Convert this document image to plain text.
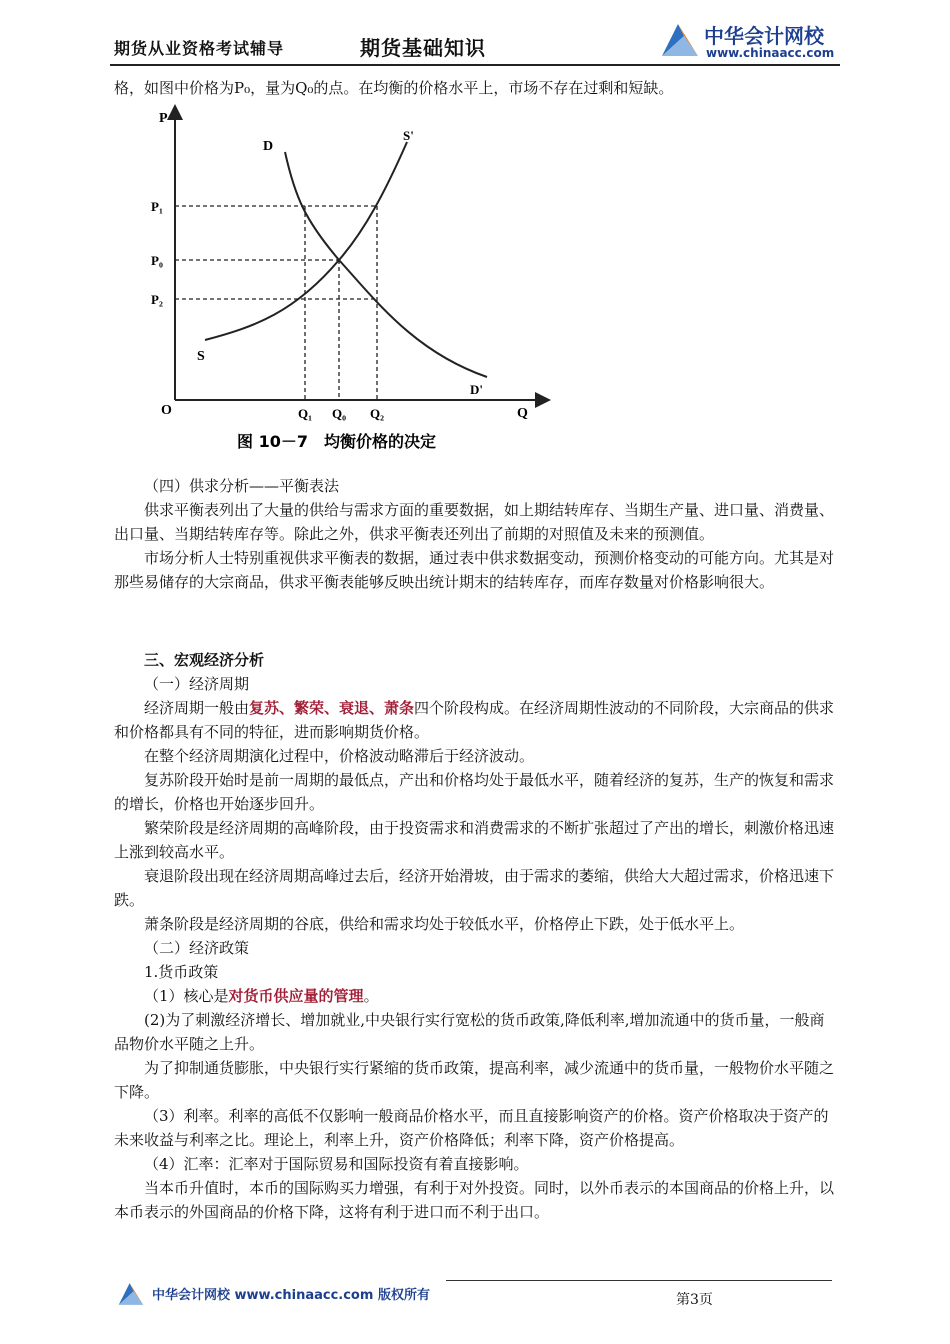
期货从业资格考试辅导	期货基础知识	中华会计网校
www.chinaacc.com

格，如图中价格为P₀，量为Q₀的点。在均衡的价格水平上，市场不存在过剩和短缺。

P
Q
O
P₁
P₀
P₂
Q₁ Q₀ Q₂
D
D'
S'
S
图 10－7　均衡价格的决定

（四）供求分析——平衡表法

供求平衡表列出了大量的供给与需求方面的重要数据，如上期结转库存、当期生产量、进口量、消费量、出口量、当期结转库存等。除此之外，供求平衡表还列出了前期的对照值及未来的预测值。

市场分析人士特别重视供求平衡表的数据，通过表中供求数据变动，预测价格变动的可能方向。尤其是对那些易储存的大宗商品，供求平衡表能够反映出统计期末的结转库存，而库存数量对价格影响很大。

三、宏观经济分析

（一）经济周期

经济周期一般由复苏、繁荣、衰退、萧条四个阶段构成。在经济周期性波动的不同阶段，大宗商品的供求和价格都具有不同的特征，进而影响期货价格。

在整个经济周期演化过程中，价格波动略滞后于经济波动。

复苏阶段开始时是前一周期的最低点，产出和价格均处于最低水平，随着经济的复苏，生产的恢复和需求的增长，价格也开始逐步回升。

繁荣阶段是经济周期的高峰阶段，由于投资需求和消费需求的不断扩张超过了产出的增长，刺激价格迅速上涨到较高水平。

衰退阶段出现在经济周期高峰过去后，经济开始滑坡，由于需求的萎缩，供给大大超过需求，价格迅速下跌。

萧条阶段是经济周期的谷底，供给和需求均处于较低水平，价格停止下跌，处于低水平上。

（二）经济政策

1.货币政策

（1）核心是对货币供应量的管理。

(2)为了刺激经济增长、增加就业,中央银行实行宽松的货币政策,降低利率,增加流通中的货币量，一般商品物价水平随之上升。

为了抑制通货膨胀，中央银行实行紧缩的货币政策，提高利率，减少流通中的货币量，一般物价水平随之下降。

（3）利率。利率的高低不仅影响一般商品价格水平，而且直接影响资产的价格。资产价格取决于资产的未来收益与利率之比。理论上，利率上升，资产价格降低；利率下降，资产价格提高。

（4）汇率：汇率对于国际贸易和国际投资有着直接影响。

当本币升值时，本币的国际购买力增强，有利于对外投资。同时，以外币表示的本国商品的价格上升，以本币表示的外国商品的价格下降，这将有利于进口而不利于出口。

中华会计网校 www.chinaacc.com 版权所有	第3页
